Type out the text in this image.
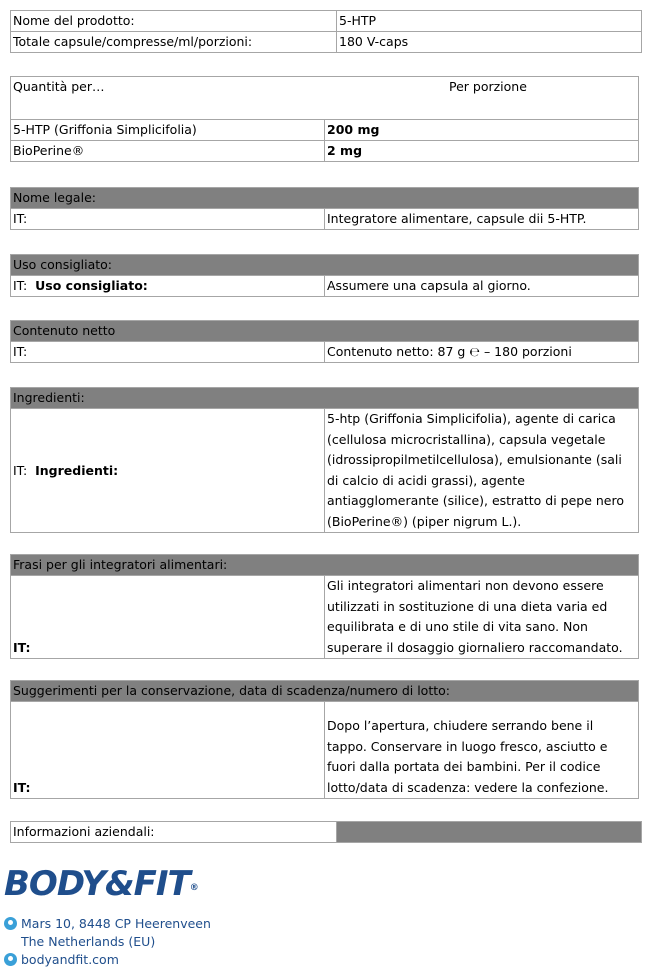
Nome del prodotto:	5-HTP
Totale capsule/compresse/ml/porzioni:	180 V-caps
Quantità per… Per porzione	

5-HTP (Griffonia Simplicifolia)	200 mg
BioPerine®	2 mg
Nome legale:
IT:	Integratore alimentare, capsule dii 5-HTP.
Uso consigliato:
IT: Uso consigliato:	Assumere una capsula al giorno.
Contenuto netto
IT:	Contenuto netto: 87 g ℮ – 180 porzioni
Ingredienti:
IT: Ingredienti:	5-htp (Griffonia Simplicifolia), agente di carica (cellulosa microcristallina), capsula vegetale (idrossipropilmetilcellulosa), emulsionante (sali di calcio di acidi grassi), agente antiagglomerante (silice), estratto di pepe nero (BioPerine®) (piper nigrum L.).
Frasi per gli integratori alimentari:
IT:	Gli integratori alimentari non devono essere utilizzati in sostituzione di una dieta varia ed equilibrata e di uno stile di vita sano. Non superare il dosaggio giornaliero raccomandato.
Suggerimenti per la conservazione, data di scadenza/numero di lotto:
IT:	Dopo l’apertura, chiudere serrando bene il tappo. Conservare in luogo fresco, asciutto e fuori dalla portata dei bambini. Per il codice lotto/data di scadenza: vedere la confezione.
Informazioni aziendali:	
BODY&FIT®
Mars 10, 8448 CP Heerenveen
The Netherlands (EU)
bodyandfit.com
